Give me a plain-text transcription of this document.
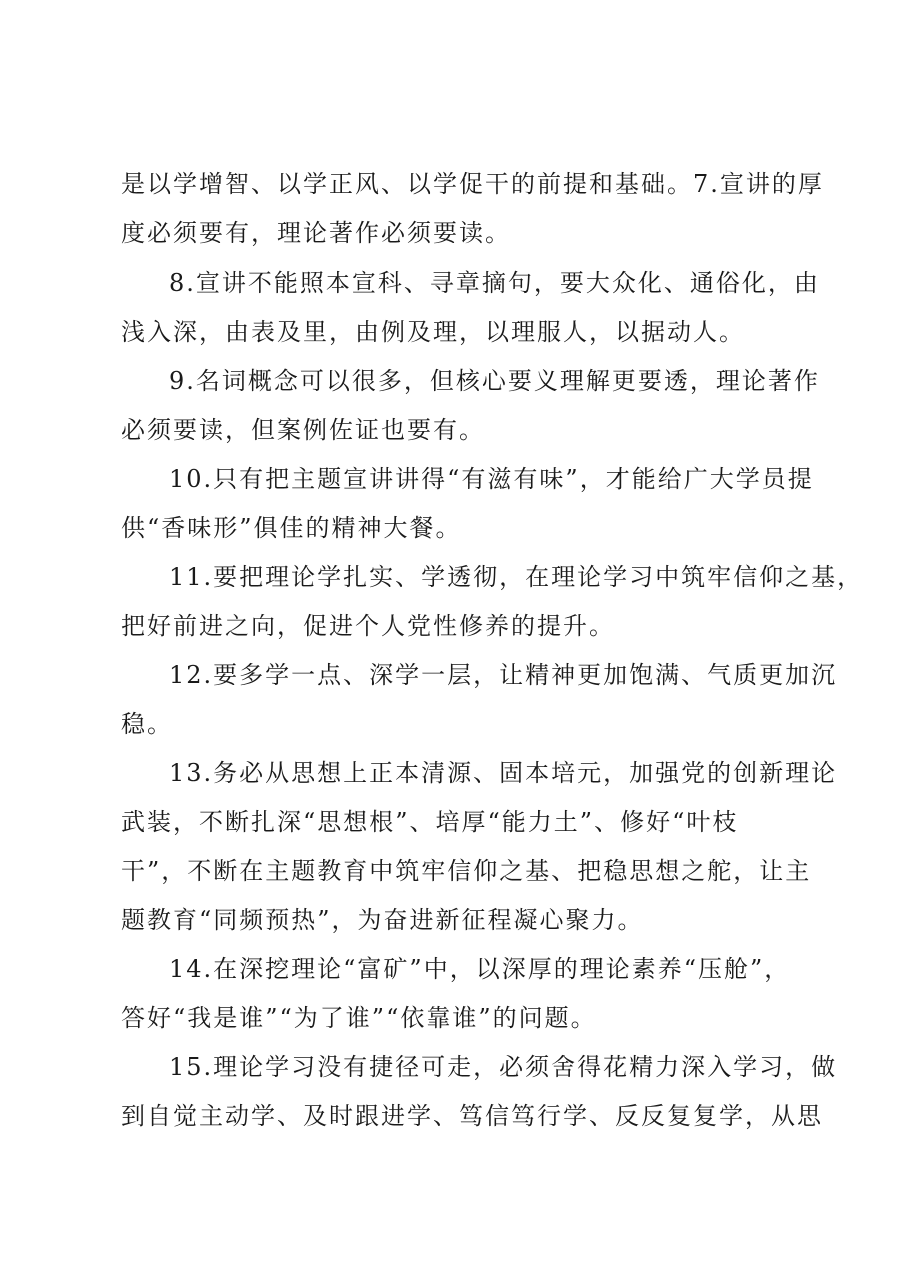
是以学增智、以学正风、以学促干的前提和基础。7.宣讲的厚
度必须要有，理论著作必须要读。
8.宣讲不能照本宣科、寻章摘句，要大众化、通俗化，由
浅入深，由表及里，由例及理，以理服人，以据动人。
9.名词概念可以很多，但核心要义理解更要透，理论著作
必须要读，但案例佐证也要有。
10.只有把主题宣讲讲得“有滋有味”，才能给广大学员提
供“香味形”俱佳的精神大餐。
11.要把理论学扎实、学透彻，在理论学习中筑牢信仰之基，
把好前进之向，促进个人党性修养的提升。
12.要多学一点、深学一层，让精神更加饱满、气质更加沉
稳。
13.务必从思想上正本清源、固本培元，加强党的创新理论
武装，不断扎深“思想根”、培厚“能力土”、修好“叶枝
干”，不断在主题教育中筑牢信仰之基、把稳思想之舵，让主
题教育“同频预热”，为奋进新征程凝心聚力。
14.在深挖理论“富矿”中，以深厚的理论素养“压舱”，
答好“我是谁”“为了谁”“依靠谁”的问题。
15.理论学习没有捷径可走，必须舍得花精力深入学习，做
到自觉主动学、及时跟进学、笃信笃行学、反反复复学，从思
